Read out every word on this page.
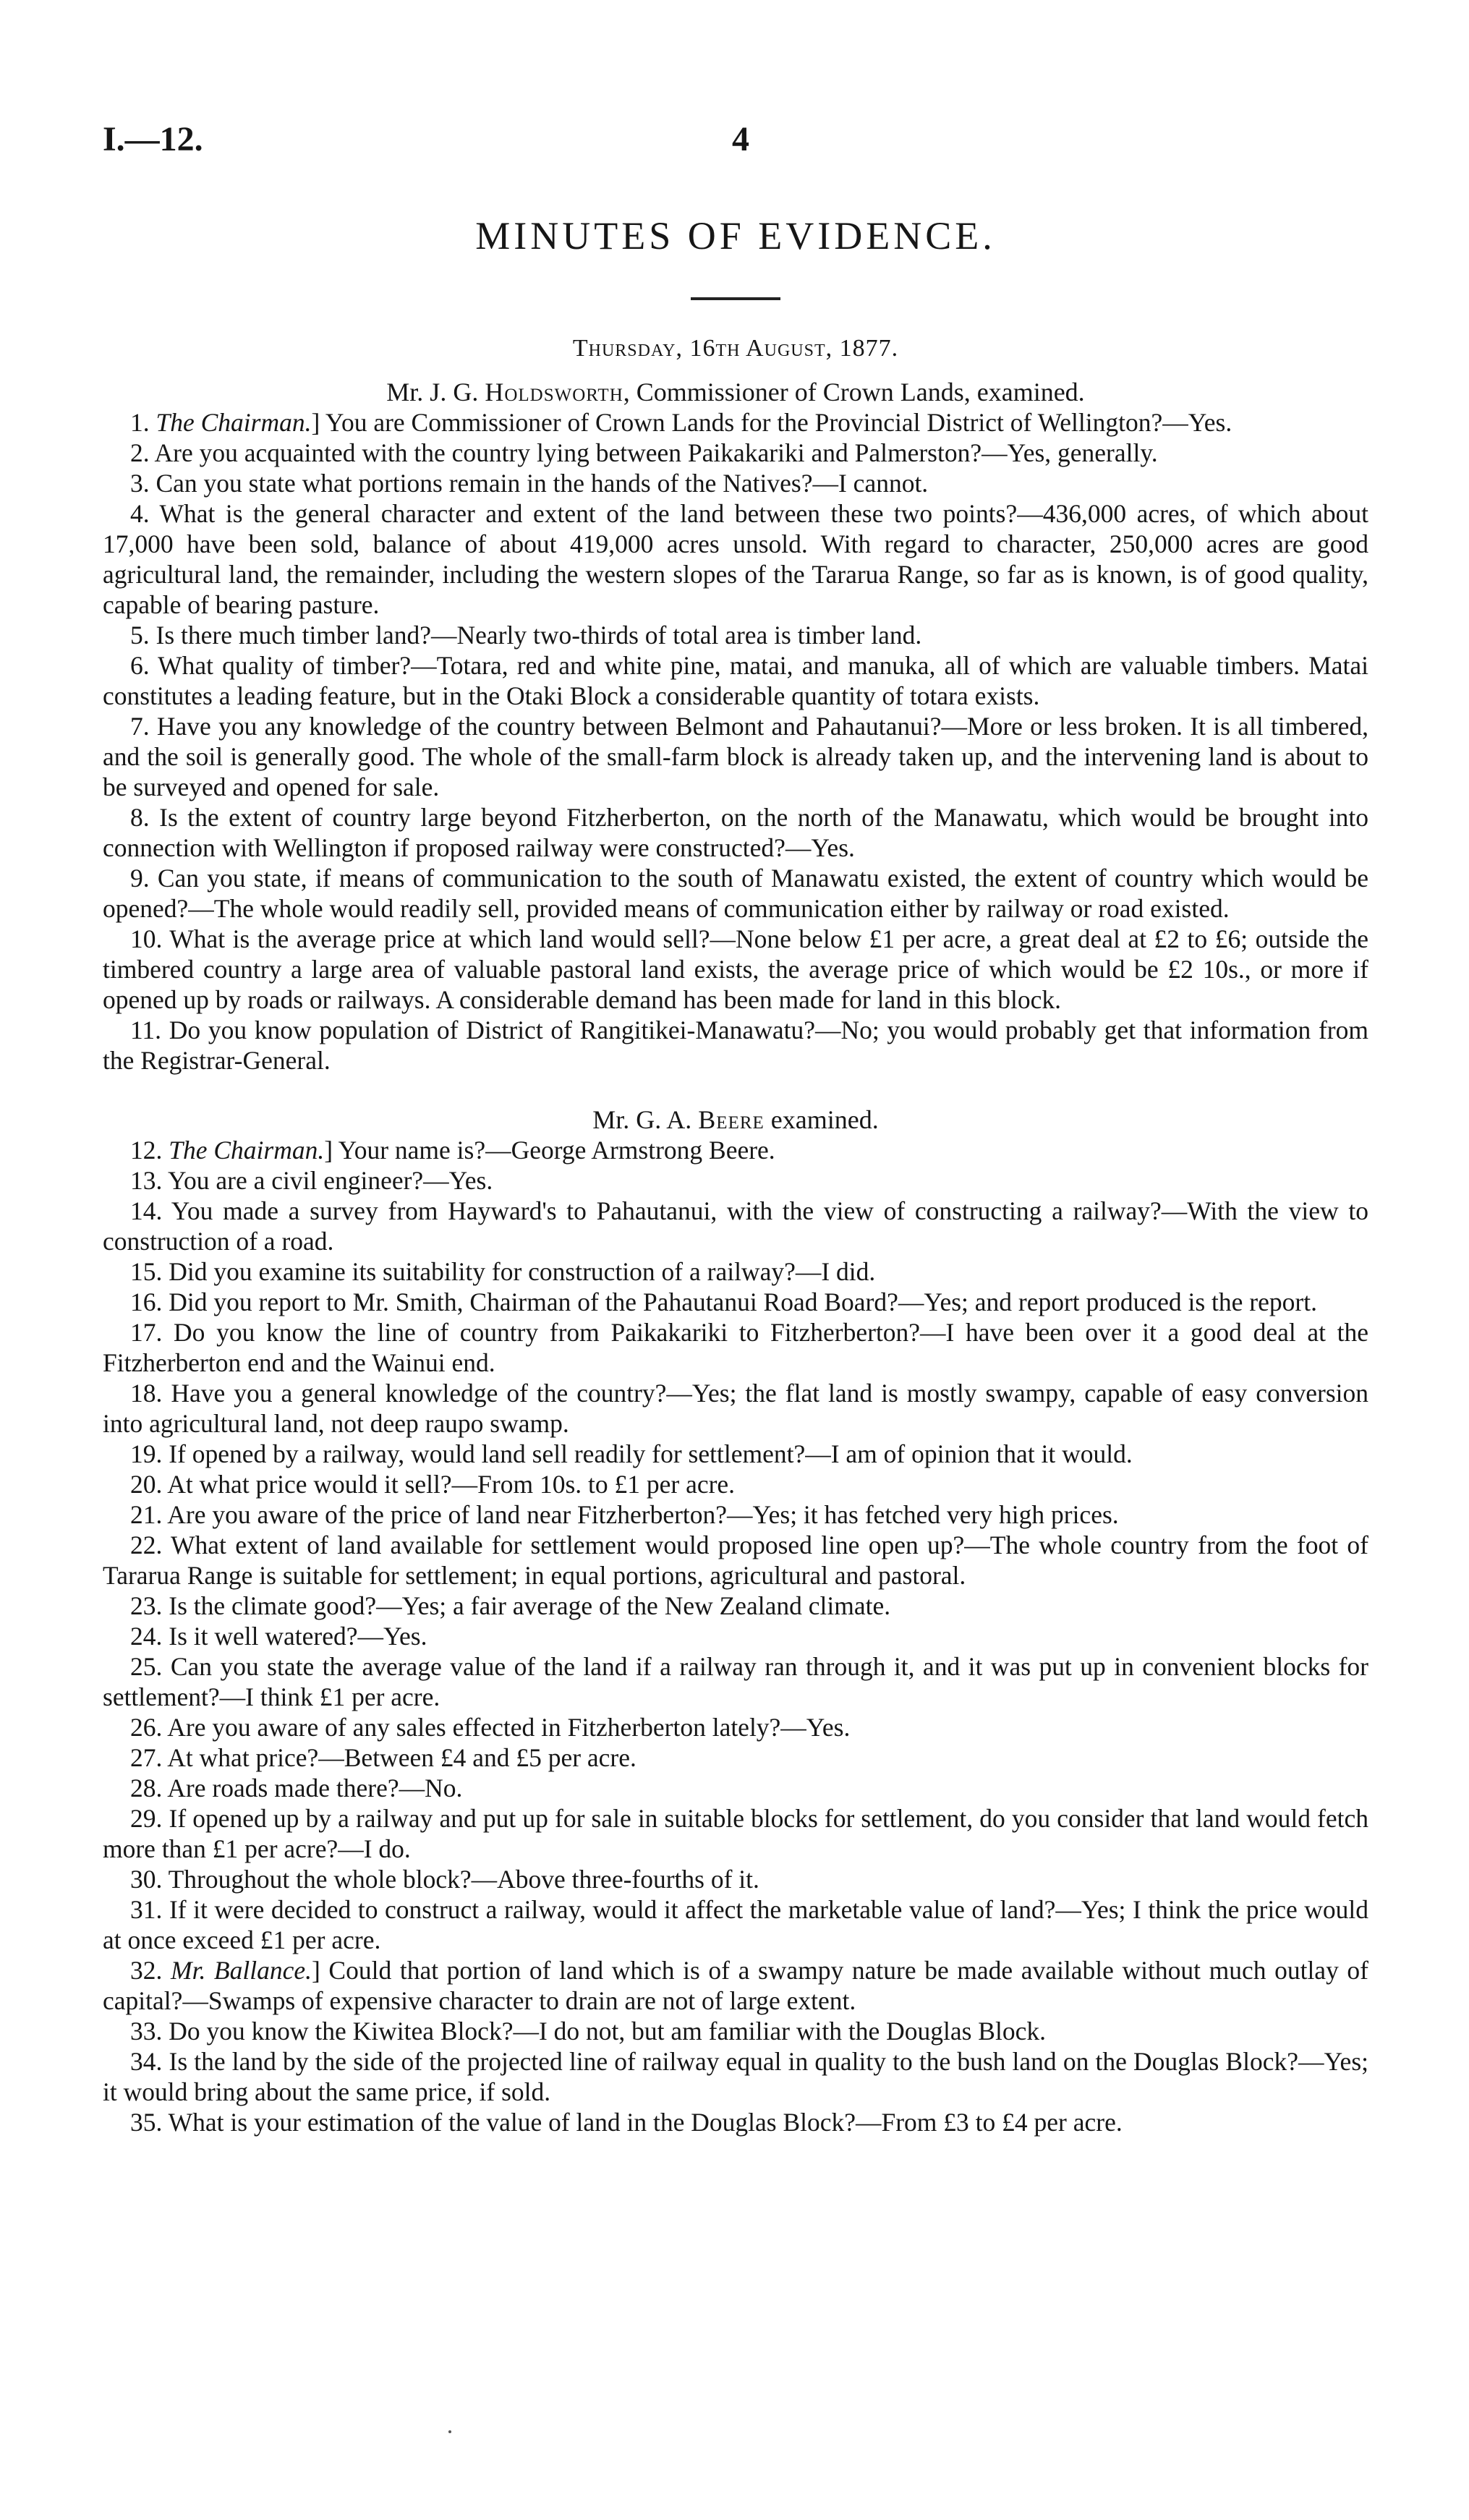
I.—12.	4
MINUTES OF EVIDENCE.
Thursday, 16th August, 1877.
Mr. J. G. Holdsworth, Commissioner of Crown Lands, examined.

1. The Chairman.] You are Commissioner of Crown Lands for the Provincial District of Wellington?—Yes.

2. Are you acquainted with the country lying between Paikakariki and Palmerston?—Yes, generally.

3. Can you state what portions remain in the hands of the Natives?—I cannot.

4. What is the general character and extent of the land between these two points?—436,000 acres, of which about 17,000 have been sold, balance of about 419,000 acres unsold. With regard to character, 250,000 acres are good agricultural land, the remainder, including the western slopes of the Tararua Range, so far as is known, is of good quality, capable of bearing pasture.

5. Is there much timber land?—Nearly two-thirds of total area is timber land.

6. What quality of timber?—Totara, red and white pine, matai, and manuka, all of which are valuable timbers. Matai constitutes a leading feature, but in the Otaki Block a considerable quantity of totara exists.

7. Have you any knowledge of the country between Belmont and Pahautanui?—More or less broken. It is all timbered, and the soil is generally good. The whole of the small-farm block is already taken up, and the intervening land is about to be surveyed and opened for sale.

8. Is the extent of country large beyond Fitzherberton, on the north of the Manawatu, which would be brought into connection with Wellington if proposed railway were constructed?—Yes.

9. Can you state, if means of communication to the south of Manawatu existed, the extent of country which would be opened?—The whole would readily sell, provided means of communication either by railway or road existed.

10. What is the average price at which land would sell?—None below £1 per acre, a great deal at £2 to £6; outside the timbered country a large area of valuable pastoral land exists, the average price of which would be £2 10s., or more if opened up by roads or railways. A considerable demand has been made for land in this block.

11. Do you know population of District of Rangitikei-Manawatu?—No; you would probably get that information from the Registrar-General.

Mr. G. A. Beere examined.

12. The Chairman.] Your name is?—George Armstrong Beere.

13. You are a civil engineer?—Yes.

14. You made a survey from Hayward's to Pahautanui, with the view of constructing a railway?—With the view to construction of a road.

15. Did you examine its suitability for construction of a railway?—I did.

16. Did you report to Mr. Smith, Chairman of the Pahautanui Road Board?—Yes; and report produced is the report.

17. Do you know the line of country from Paikakariki to Fitzherberton?—I have been over it a good deal at the Fitzherberton end and the Wainui end.

18. Have you a general knowledge of the country?—Yes; the flat land is mostly swampy, capable of easy conversion into agricultural land, not deep raupo swamp.

19. If opened by a railway, would land sell readily for settlement?—I am of opinion that it would.

20. At what price would it sell?—From 10s. to £1 per acre.

21. Are you aware of the price of land near Fitzherberton?—Yes; it has fetched very high prices.

22. What extent of land available for settlement would proposed line open up?—The whole country from the foot of Tararua Range is suitable for settlement; in equal portions, agricultural and pastoral.

23. Is the climate good?—Yes; a fair average of the New Zealand climate.

24. Is it well watered?—Yes.

25. Can you state the average value of the land if a railway ran through it, and it was put up in convenient blocks for settlement?—I think £1 per acre.

26. Are you aware of any sales effected in Fitzherberton lately?—Yes.

27. At what price?—Between £4 and £5 per acre.

28. Are roads made there?—No.

29. If opened up by a railway and put up for sale in suitable blocks for settlement, do you consider that land would fetch more than £1 per acre?—I do.

30. Throughout the whole block?—Above three-fourths of it.

31. If it were decided to construct a railway, would it affect the marketable value of land?—Yes; I think the price would at once exceed £1 per acre.

32. Mr. Ballance.] Could that portion of land which is of a swampy nature be made available without much outlay of capital?—Swamps of expensive character to drain are not of large extent.

33. Do you know the Kiwitea Block?—I do not, but am familiar with the Douglas Block.

34. Is the land by the side of the projected line of railway equal in quality to the bush land on the Douglas Block?—Yes; it would bring about the same price, if sold.

35. What is your estimation of the value of land in the Douglas Block?—From £3 to £4 per acre.
